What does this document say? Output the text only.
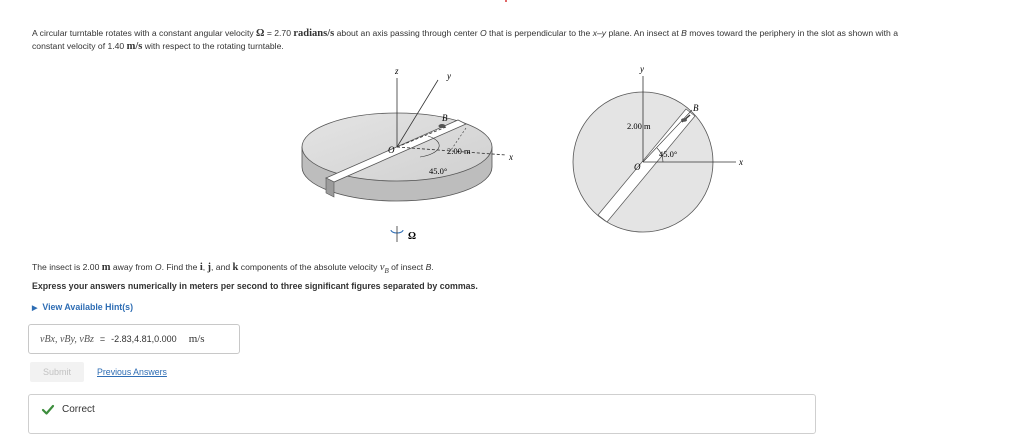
A circular turntable rotates with a constant angular velocity Ω = 2.70 radians/s about an axis passing through center O that is perpendicular to the x–y plane. An insect at B moves toward the periphery in the slot as shown with a
constant velocity of 1.40 m/s with respect to the rotating turntable.
z	y
x
B
O	2.00 m
45.0°
Ω
y
x
B
O
2.00 m
45.0°
The insect is 2.00 m away from O. Find the i, j, and k components of the absolute velocity $v_B$ of insect B.
Express your answers numerically in meters per second to three significant figures separated by commas.
▶ View Available Hint(s)
vBx, vBy, vBz = -2.83,4.81,0.000 m/s
Submit	Previous Answers
Correct
